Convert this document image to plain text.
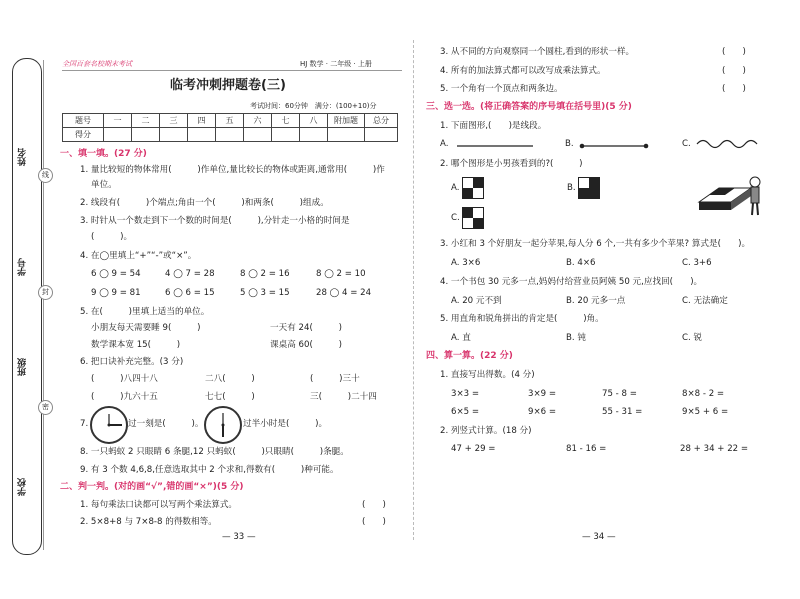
姓名
学号
班级
学校
线
封
密
全国百套名校期末考试	HJ 数学 · 二年级 · 上册
临考冲刺押题卷(三)
考试时间：60分钟　满分：(100+10)分
题号	一	二	三	四	五	六	七	八	附加题	总分
得分										
一、填一填。(27 分)
1. 量比较短的物体常用(　　　)作单位,量比较长的物体或距离,通常用(　　　)作
单位。
2. 线段有(　　　)个端点;角由一个(　　　)和两条(　　　)组成。
3. 时针从一个数走到下一个数的时间是(　　　),分针走一小格的时间是
(　　　)。
4. 在◯里填上“+”“-”或“×”。
6 ◯ 9 = 54	4 ◯ 7 = 28	8 ◯ 2 = 16	8 ◯ 2 = 10
9 ◯ 9 = 81	6 ◯ 6 = 15	5 ◯ 3 = 15	28 ◯ 4 = 24
5. 在(　　　)里填上适当的单位。
小朋友每天需要睡 9(　　　)	一天有 24(　　　)
数学课本宽 15(　　　)	课桌高 60(　　　)
6. 把口诀补充完整。(3 分)
(　　　)八四十八	二八(　　　)	(　　　)三十
(　　　)九六十五	七七(　　　)	三(　　　)二十四
7.	过一刻是(　　　)。	过半小时是(　　　)。
8. 一只蚂蚁 2 只眼睛 6 条腿,12 只蚂蚁(　　　)只眼睛(　　　)条腿。
9. 有 3 个数 4,6,8,任意选取其中 2 个求和,得数有(　　　)种可能。
二、判一判。(对的画“√”,错的画“×”)(5 分)
1. 每句乘法口诀都可以写两个乘法算式。	(　　)
2. 5×8+8 与 7×8-8 的得数相等。	(　　)
— 33 —
3. 从不同的方向观察同一个圆柱,看到的形状一样。	(　　)
4. 所有的加法算式都可以改写成乘法算式。	(　　)
5. 一个角有一个顶点和两条边。	(　　)
三、选一选。(将正确答案的序号填在括号里)(5 分)
1. 下面图形,(　　)是线段。
A.	B.	C.
2. 哪个图形是小男孩看到的?(　　　)
A.	B.
C.
3. 小红和 3 个好朋友一起分苹果,每人分 6 个,一共有多少个苹果? 算式是(　　)。
A. 3×6	B. 4×6	C. 3+6
4. 一个书包 30 元多一点,妈妈付给营业员阿姨 50 元,应找回(　　)。
A. 20 元不到	B. 20 元多一点	C. 无法确定
5. 用直角和锐角拼出的肯定是(　　　)角。
A. 直	B. 钝	C. 锐
四、算一算。(22 分)
1. 直接写出得数。(4 分)
3×3 =	3×9 =	75 - 8 =	8×8 - 2 =
6×5 =	9×6 =	55 - 31 =	9×5 + 6 =
2. 列竖式计算。(18 分)
47 + 29 =	81 - 16 =	28 + 34 + 22 =
— 34 —
